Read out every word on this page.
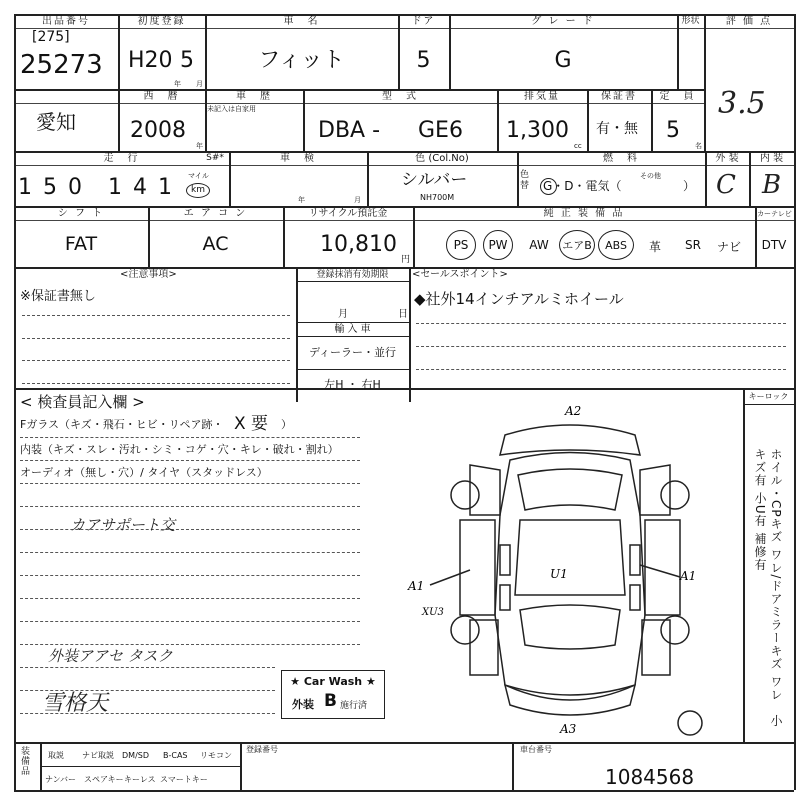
出品番号
[275]
25273
初度登録
H20 5
年 月
車　名
フィット
ドア
5
グ レ ー ド
G
形状	評 価 点
3.5
愛知
西　暦
2008
年
車　歴
未記入は自家用
型　式
DBA - GE6
排気量
1,300
cc
保証書
有・無
定　員
5
名
走　行
1 5 0 1 4 1 マイル
km
S#*	車　検
年	月
色 (Col.No)
シルバー
NH700M
色替
燃　料
G・D・電気（
その他
）
外 装
C
内 装
B
シ フ ト
FAT
エ ア コ ン
AC
リサイクル預託金
10,810
円
純 正 装 備 品	カーテレビ
PS	PW	AW	エアB	ABS	革	SR	ナビ	DTV
<注意事項>
※保証書無し
登録抹消有効期限
月	日
輸 入 車
ディーラー・並行
左H ・ 右H
<セールスポイント>
◆社外14インチアルミホイール
< 検査員記入欄 >
Fガラス（キズ・飛石・ヒビ・リペア跡・ X 要 ）
内装（キズ・スレ・汚れ・シミ・コゲ・穴・キレ・破れ・割れ）
オーディオ（無し・穴）/ タイヤ（スタッドレス）
カアサポート交
外装アアセ タスク
雪格天
★ Car Wash ★
外装 B 施行済
A2
A1
U1	A1
XU3
A3
キーロック
ホイル・CPキズ ワレ/ドアミラーキズ ワレ　小キズ有 小U有 補修有
装備品 取説 ナビ取説 DM/SD B-CAS リモコン
ナンバー スペアキー キーレス スマートキー
登録番号	車台番号
1084568
